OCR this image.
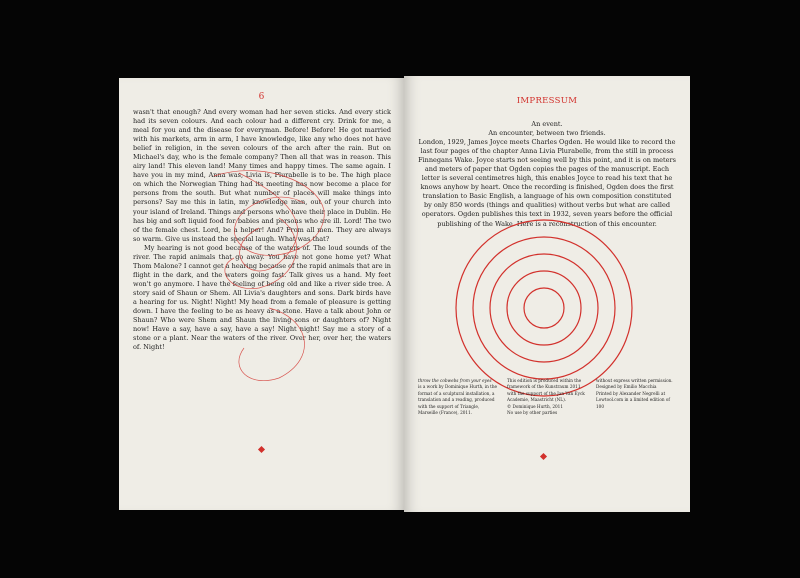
6

wasn't that enough? And every woman had her seven sticks. And every stick had its seven colours. And each colour had a different cry. Drink for me, a meal for you and the disease for everyman. Before! Before! He got married with his markets, arm in arm, I have knowledge, like any who does not have belief in religion, in the seven colours of the arch after the rain. But on Michael's day, who is the female company? Then all that was in reason. This airy land! This eleven land! Many times and happy times. The same again. I have you in my mind, Anna was, Livia is, Plurabelle is to be. The high place on which the Norwegian Thing had its meeting has now become a place for persons from the south. But what number of places will make things into persons? Say me this in latin, my knowledge man, out of your church into your island of Ireland. Things and persons who have their place in Dublin. He has big and soft liquid food for babies and persons who are ill. Lord! The two of the female chest. Lord, be a helper! And? From all men. They are always so warm. Give us instead the special laugh. What was that?

My hearing is not good because of the waters of. The loud sounds of the river. The rapid animals that go away. You have not gone home yet? What Thom Malone? I cannot get a hearing because of the rapid animals that are in flight in the dark, and the waters going fast. Talk gives us a hand. My feet won't go anymore. I have the feeling of being old and like a river side tree. A story said of Shaun or Shem. All Livia's daughters and sons. Dark birds have a hearing for us. Night! Night! My head from a female of pleasure is getting down. I have the feeling to be as heavy as a stone. Have a talk about John or Shaun? Who were Shem and Shaun the living sons or daughters of? Night now! Have a say, have a say, have a say! Night night! Say me a story of a stone or a plant. Near the waters of the river. Over her, over her, the waters of. Night!

IMPRESSUM

An event.

An encounter, between two friends.

London, 1929, James Joyce meets Charles Ogden. He would like to record the last four pages of the chapter Anna Livia Plurabelle, from the still in process Finnegans Wake. Joyce starts not seeing well by this point, and it is on meters and meters of paper that Ogden copies the pages of the manuscript. Each letter is several centimetres high, this enables Joyce to read his text that he knows anyhow by heart. Once the recording is finished, Ogden does the first translation to Basic English, a language of his own composition constituted by only 850 words (things and qualities) without verbs but what are called operators. Ogden publishes this text in 1932, seven years before the official publishing of the Wake. Here is a reconstruction of this encounter.

throw the cobwebs from your eyes

is a work by Dominique Hurth, in the format of a sculptural installation, a translation and a reading, produced with the support of Triangle, Marseille (France), 2011.

This edition is produced within the framework of the Kunstraum 2011 with the support of the Jan Van Eyck Academie, Maastricht (NL).

© Dominique Hurth, 2011

No use by other parties

without express written permission.

Designed by Emilio Macchia

Printed by Alexander Negrelli at Lowtool.com in a limited edition of 100
